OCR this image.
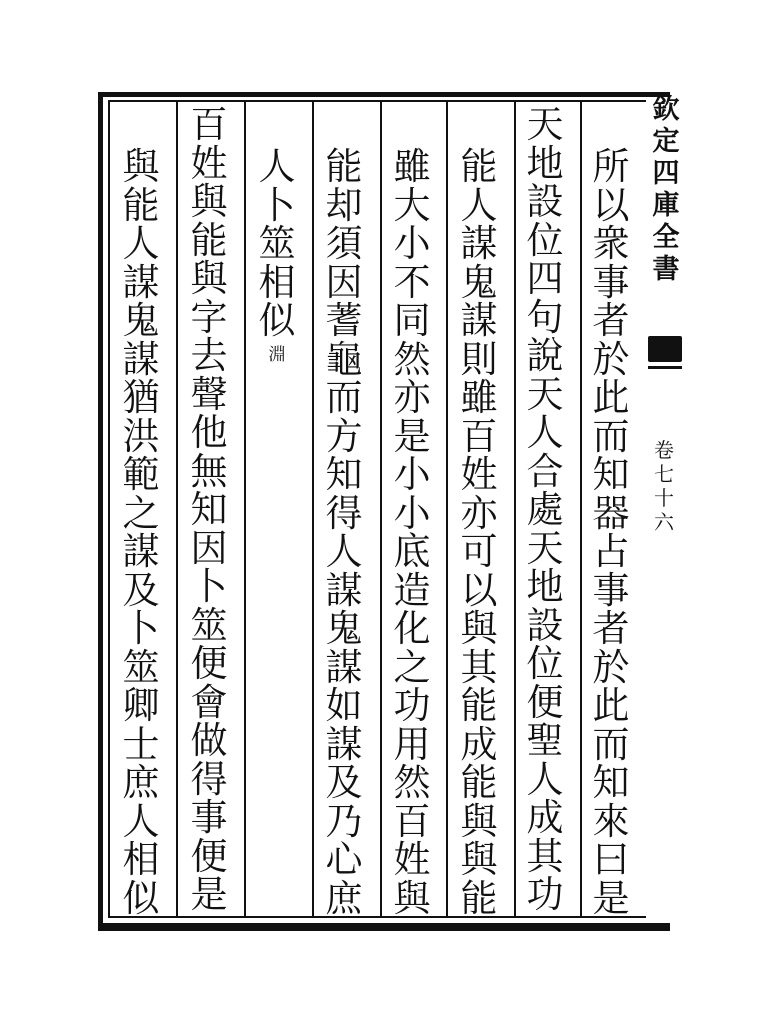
欽
定
四
庫
全
書
卷
七
十
六
所
以
衆
事
者
於
此
而
知
器
占
事
者
於
此
而
知
來
曰
是
天
地
設
位
四
句
說
天
人
合
處
天
地
設
位
便
聖
人
成
其
功
能
人
謀
鬼
謀
則
雖
百
姓
亦
可
以
與
其
能
成
能
與
與
能
雖
大
小
不
同
然
亦
是
小
小
底
造
化
之
功
用
然
百
姓
與
能
却
須
因
蓍
龜
而
方
知
得
人
謀
鬼
謀
如
謀
及
乃
心
庶
人
卜
筮
相
似
淵
百
姓
與
能
與
字
去
聲
他
無
知
因
卜
筮
便
會
做
得
事
便
是
與
能
人
謀
鬼
謀
猶
洪
範
之
謀
及
卜
筮
卿
士
庶
人
相
似
